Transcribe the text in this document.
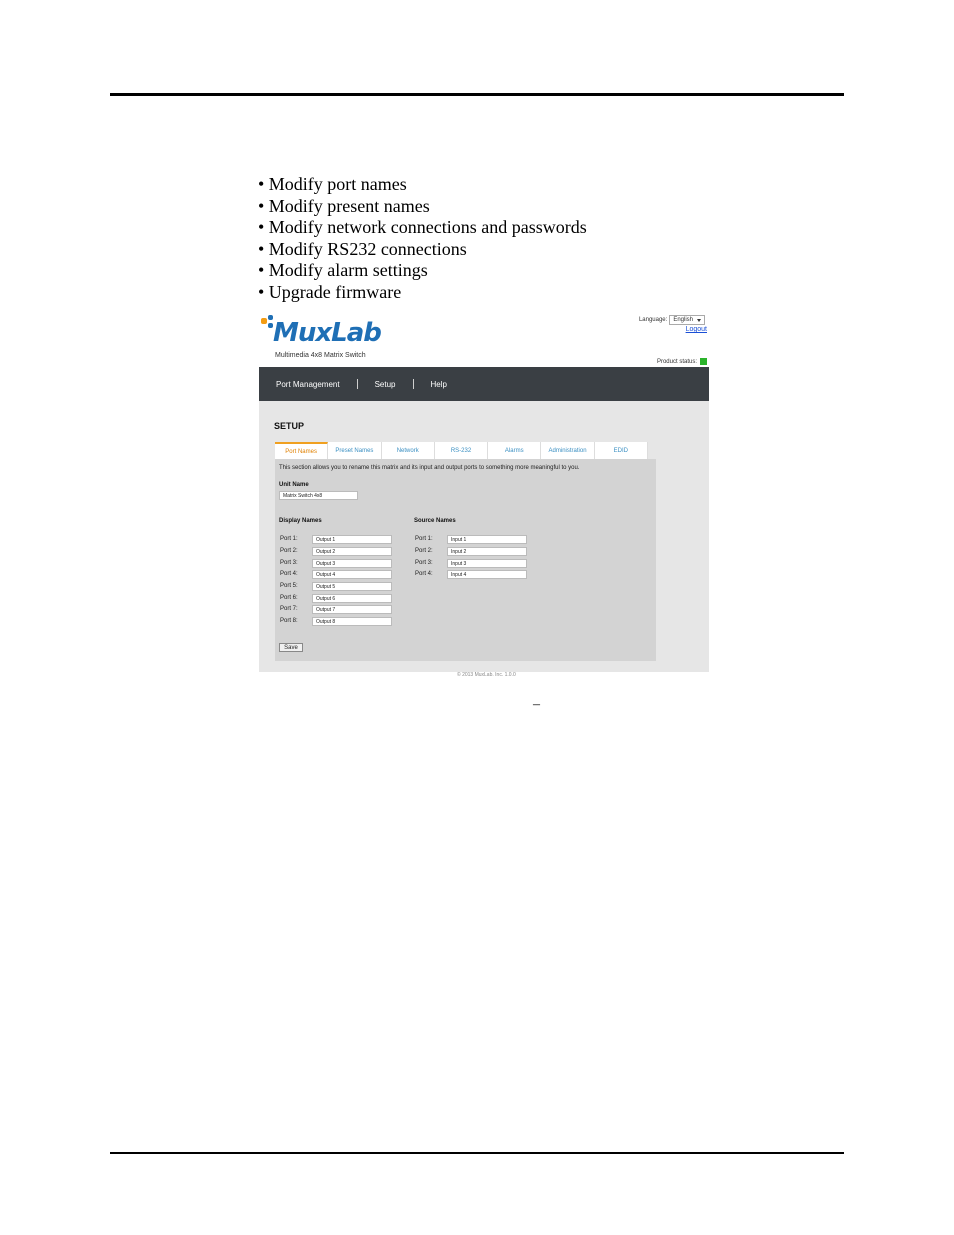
• Modify port names
• Modify present names
• Modify network connections and passwords
• Modify RS232 connections
• Modify alarm settings
• Upgrade firmware
MuxLab
Multimedia 4x8 Matrix Switch
Language: English
Logout
Product status:
Port Management	Setup	Help
SETUP
Port Names	Preset Names	Network	RS-232	Alarms	Administration	EDID
This section allows you to rename this matrix and its input and output ports to something more meaningful to you.
Unit Name
Matrix Switch 4x8
Display Names	Source Names
Port 1:	Output 1
Port 2:	Output 2
Port 3:	Output 3
Port 4:	Output 4
Port 5:	Output 5
Port 6:	Output 6
Port 7:	Output 7
Port 8:	Output 8
Port 1:	Input 1
Port 2:	Input 2
Port 3:	Input 3
Port 4:	Input 4
Save
© 2013 MuxLab. Inc. 1.0.0
–
